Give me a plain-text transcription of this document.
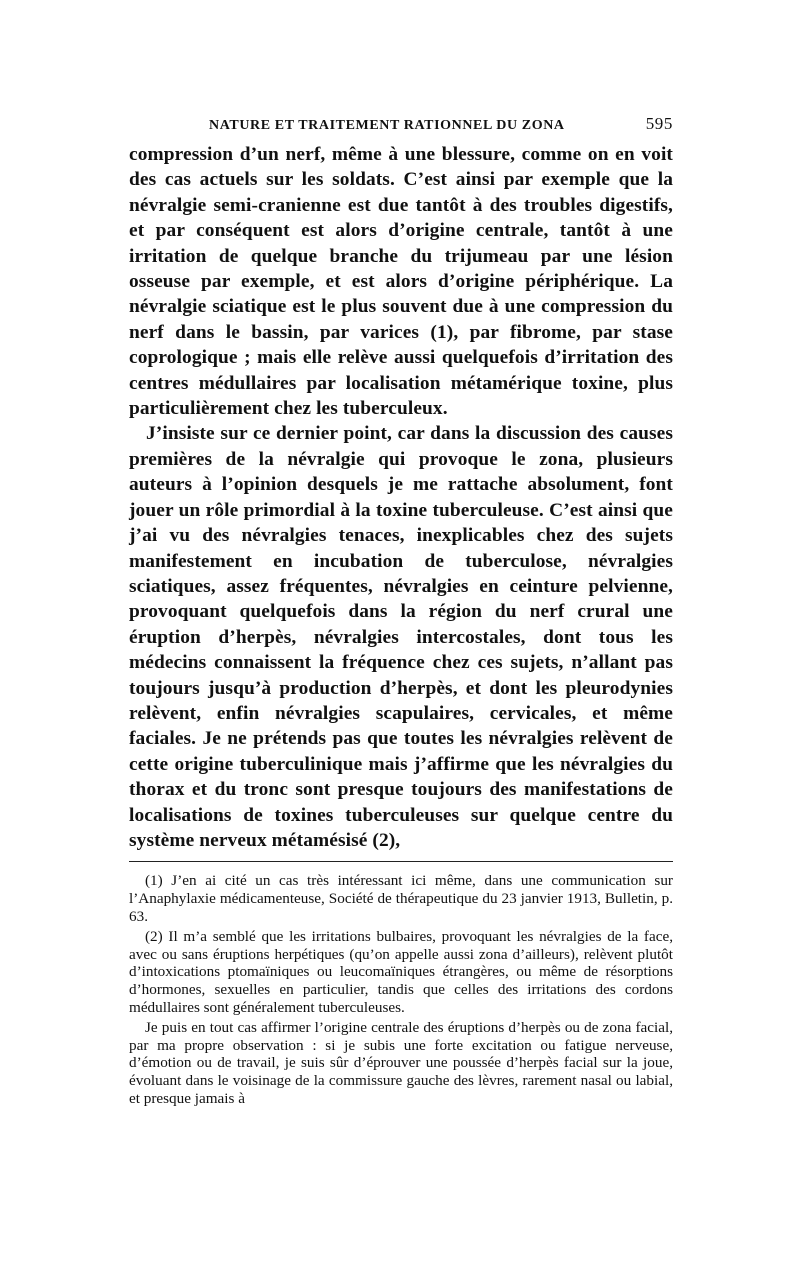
NATURE ET TRAITEMENT RATIONNEL DU ZONA	595

compression d’un nerf, même à une blessure, comme on en voit des cas actuels sur les soldats. C’est ainsi par exemple que la névralgie semi-cranienne est due tantôt à des troubles digestifs, et par conséquent est alors d’origine centrale, tantôt à une irritation de quelque branche du trijumeau par une lésion osseuse par exemple, et est alors d’origine périphérique. La névralgie sciatique est le plus souvent due à une compression du nerf dans le bassin, par varices (1), par fibrome, par stase coprologique ; mais elle relève aussi quelquefois d’irritation des centres médullaires par localisation métamérique toxine, plus particulièrement chez les tuberculeux.

J’insiste sur ce dernier point, car dans la discussion des causes premières de la névralgie qui provoque le zona, plusieurs auteurs à l’opinion desquels je me rattache absolument, font jouer un rôle primordial à la toxine tuberculeuse. C’est ainsi que j’ai vu des névralgies tenaces, inexplicables chez des sujets manifestement en incubation de tuberculose, névralgies sciatiques, assez fréquentes, névralgies en ceinture pelvienne, provoquant quelquefois dans la région du nerf crural une éruption d’herpès, névralgies intercostales, dont tous les médecins connaissent la fréquence chez ces sujets, n’allant pas toujours jusqu’à production d’herpès, et dont les pleurodynies relèvent, enfin névralgies scapulaires, cervicales, et même faciales. Je ne prétends pas que toutes les névralgies relèvent de cette origine tuberculinique mais j’affirme que les névralgies du thorax et du tronc sont presque toujours des manifestations de localisations de toxines tuberculeuses sur quelque centre du système nerveux métamésisé (2),

(1) J’en ai cité un cas très intéressant ici même, dans une communication sur l’Anaphylaxie médicamenteuse, Société de thérapeutique du 23 janvier 1913, Bulletin, p. 63.

(2) Il m’a semblé que les irritations bulbaires, provoquant les névralgies de la face, avec ou sans éruptions herpétiques (qu’on appelle aussi zona d’ailleurs), relèvent plutôt d’intoxications ptomaïniques ou leucomaïniques étrangères, ou même de résorptions d’hormones, sexuelles en particulier, tandis que celles des irritations des cordons médullaires sont généralement tuberculeuses.

Je puis en tout cas affirmer l’origine centrale des éruptions d’herpès ou de zona facial, par ma propre observation : si je subis une forte excitation ou fatigue nerveuse, d’émotion ou de travail, je suis sûr d’éprouver une poussée d’herpès facial sur la joue, évoluant dans le voisinage de la commissure gauche des lèvres, rarement nasal ou labial, et presque jamais à
